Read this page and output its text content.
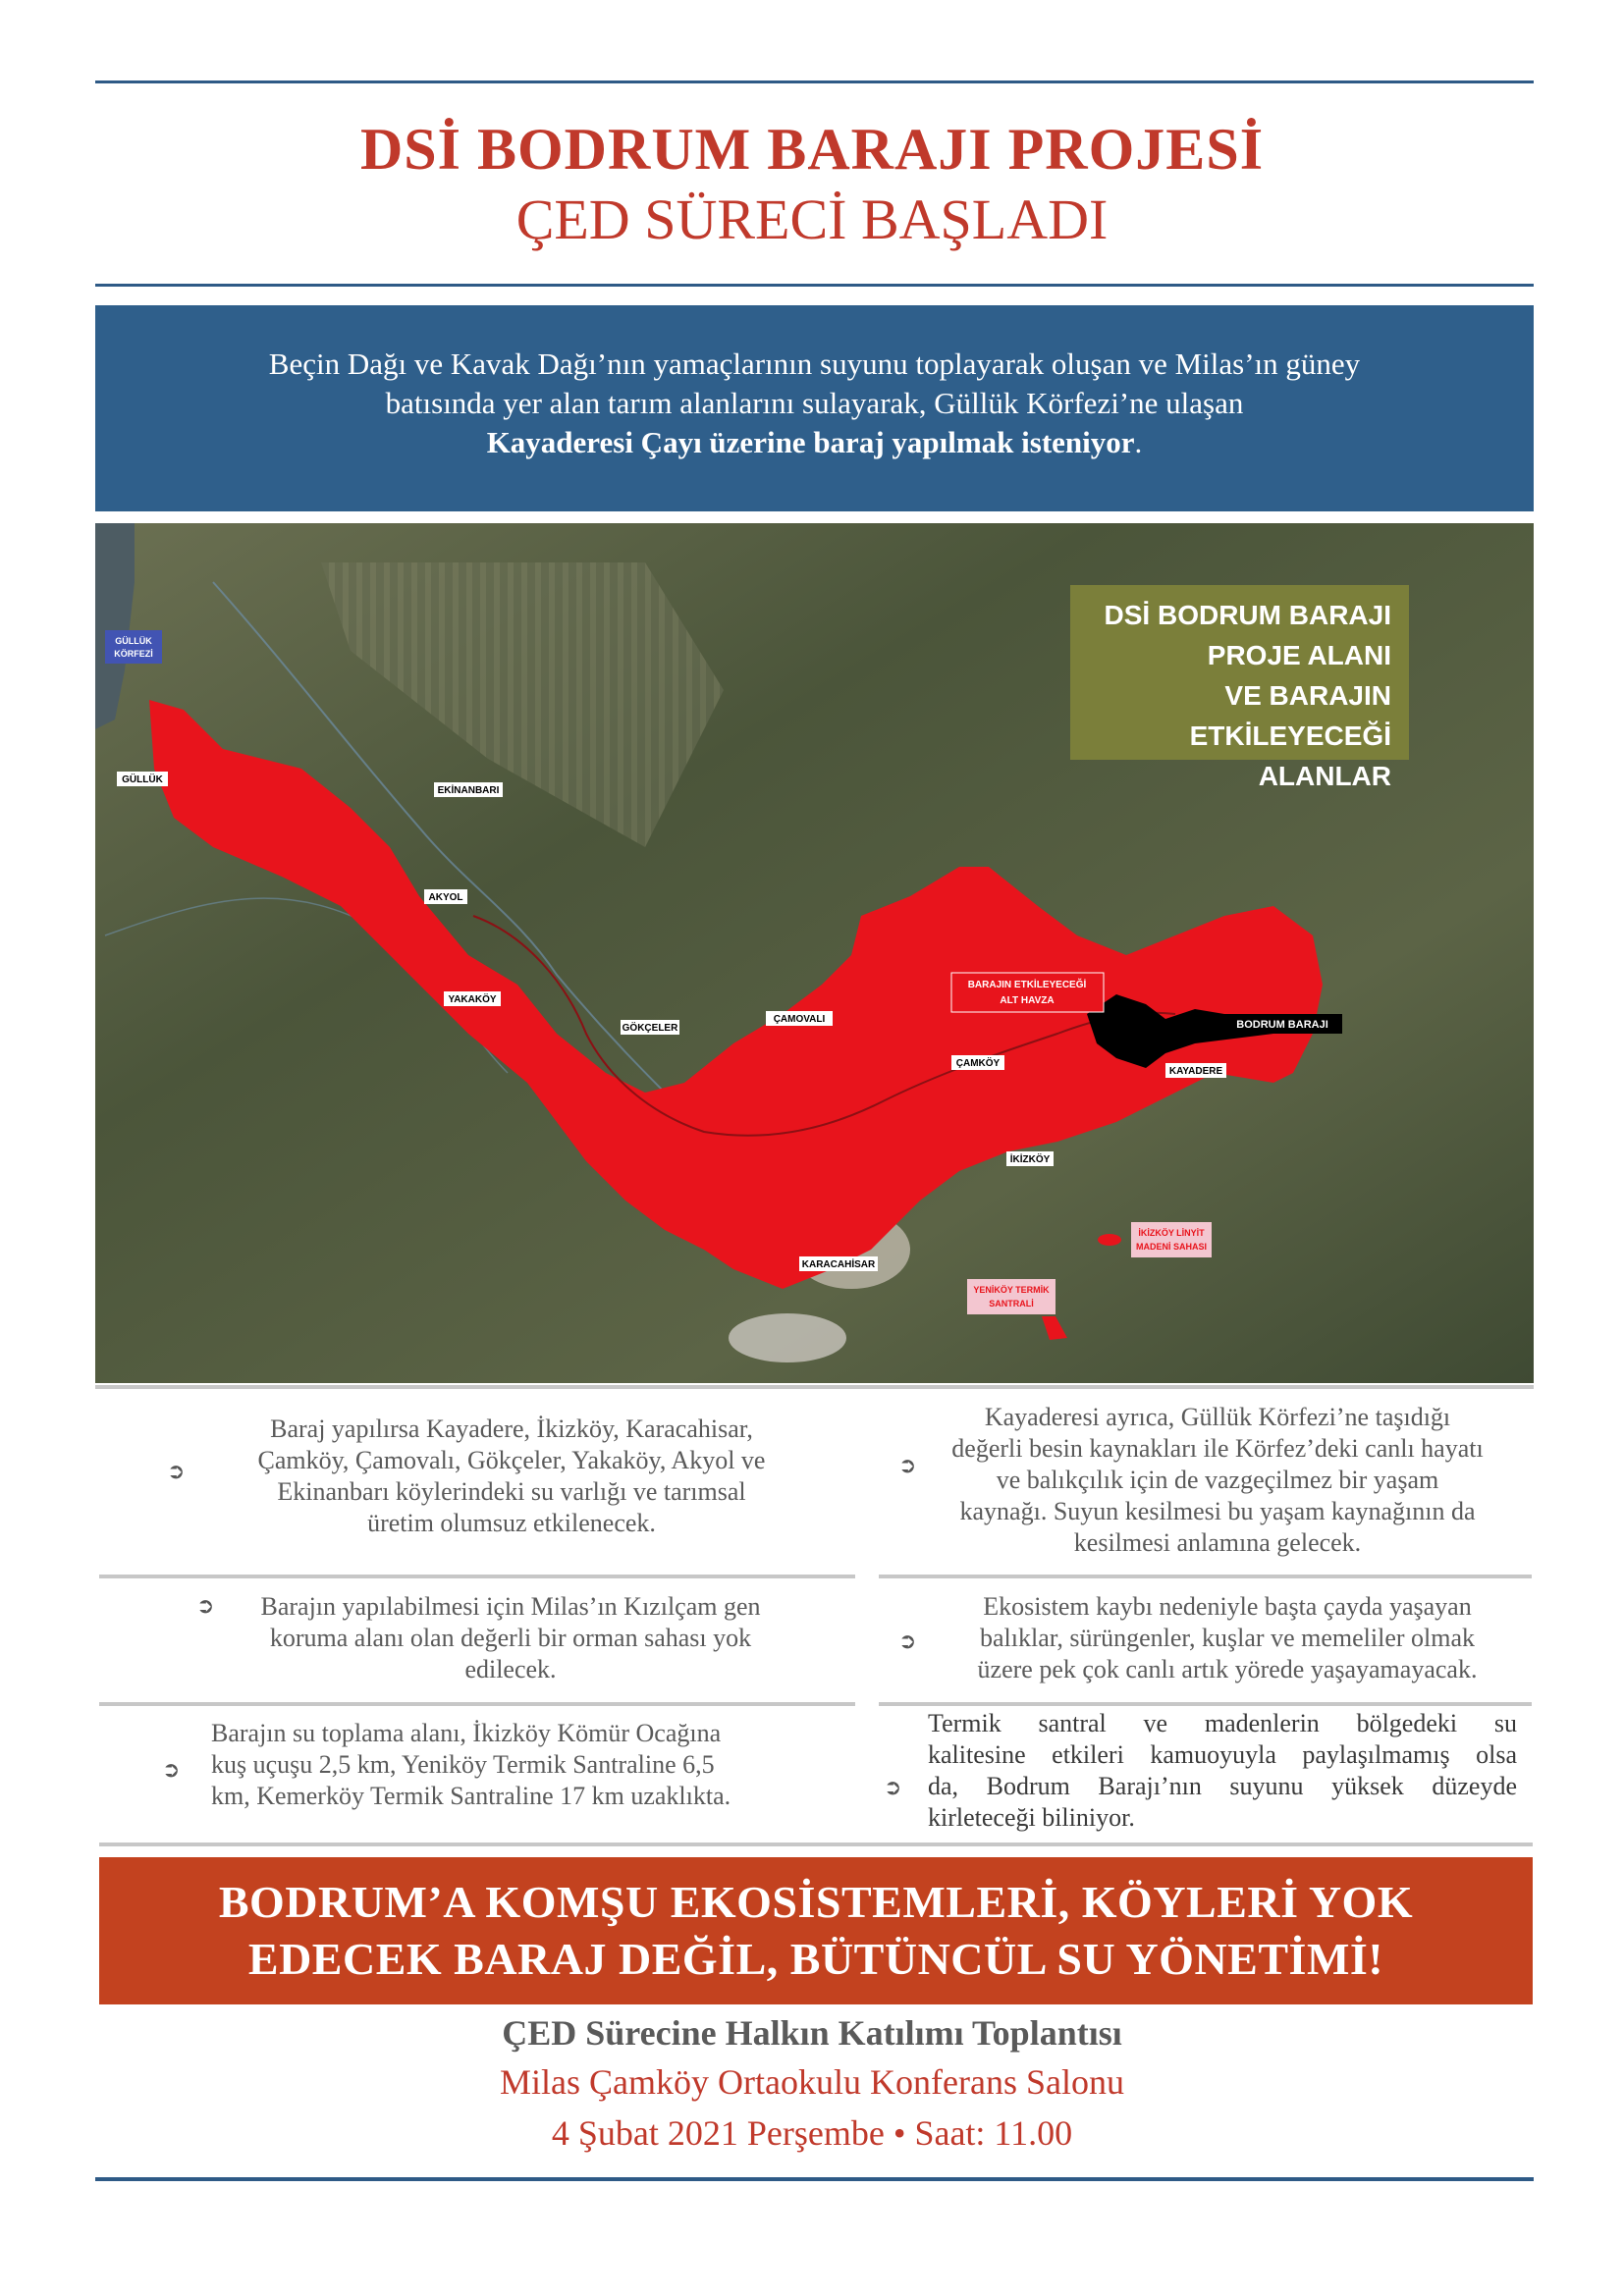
DSİ BODRUM BARAJI PROJESİ
ÇED SÜRECİ BAŞLADI
Beçin Dağı ve Kavak Dağı’nın yamaçlarının suyunu toplayarak oluşan ve Milas’ın güney
batısında yer alan tarım alanlarını sulayarak, Güllük Körfezi’ne ulaşan
Kayaderesi Çayı üzerine baraj yapılmak isteniyor.
GÜLLÜK
KÖRFEZİ
GÜLLÜK
EKİNANBARI
AKYOL
YAKAKÖY
GÖKÇELER
ÇAMOVALI
ÇAMKÖY
KAYADERE
İKİZKÖY
KARACAHİSAR
BODRUM BARAJI
BARAJIN ETKİLEYECEĞİ
ALT HAVZA
İKİZKÖY LİNYİT
MADENİ SAHASI
YENİKÖY TERMİK
SANTRALİ
DSİ BODRUM BARAJI
PROJE ALANI
VE BARAJIN
ETKİLEYECEĞİ ALANLAR
➲
Baraj yapılırsa Kayadere, İkizköy, Karacahisar,
Çamköy, Çamovalı, Gökçeler, Yakaköy, Akyol ve
Ekinanbarı köylerindeki su varlığı ve tarımsal
üretim olumsuz etkilenecek.
➲
Kayaderesi ayrıca, Güllük Körfezi’ne taşıdığı
değerli besin kaynakları ile Körfez’deki canlı hayatı
ve balıkçılık için de vazgeçilmez bir yaşam
kaynağı. Suyun kesilmesi bu yaşam kaynağının da
kesilmesi anlamına gelecek.
➲	Barajın yapılabilmesi için Milas’ın Kızılçam gen
koruma alanı olan değerli bir orman sahası yok
edilecek.
➲
Ekosistem kaybı nedeniyle başta çayda yaşayan
balıklar, sürüngenler, kuşlar ve memeliler olmak
üzere pek çok canlı artık yörede yaşayamayacak.
➲
Barajın su toplama alanı, İkizköy Kömür Ocağına
kuş uçuşu 2,5 km, Yeniköy Termik Santraline 6,5
km, Kemerköy Termik Santraline 17 km uzaklıkta.	➲
Termik santral ve madenlerin bölgedeki su
kalitesine etkileri kamuoyuyla paylaşılmamış olsa
da, Bodrum Barajı’nın suyunu yüksek düzeyde
kirleteceği biliniyor.
BODRUM’A KOMŞU EKOSİSTEMLERİ, KÖYLERİ YOK
EDECEK BARAJ DEĞİL, BÜTÜNCÜL SU YÖNETİMİ!
ÇED Sürecine Halkın Katılımı Toplantısı
Milas Çamköy Ortaokulu Konferans Salonu
4 Şubat 2021 Perşembe • Saat: 11.00
